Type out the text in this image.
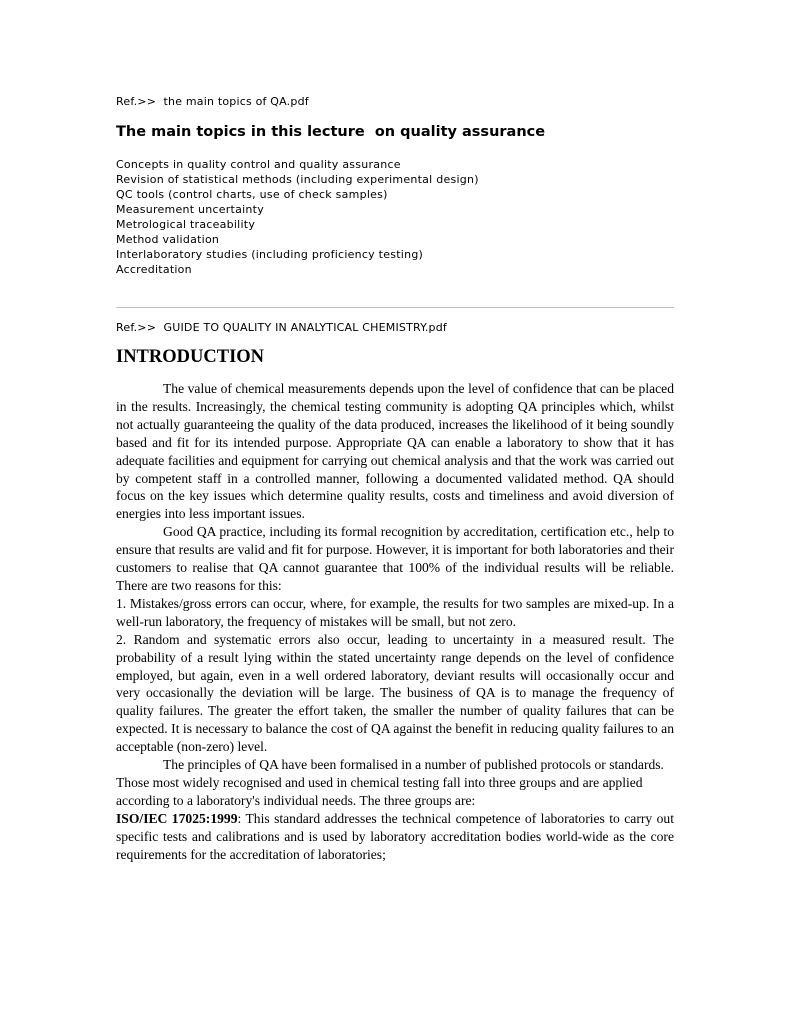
Ref.>>  the main topics of QA.pdf

The main topics in this lecture  on quality assurance
Concepts in quality control and quality assurance
Revision of statistical methods (including experimental design)
QC tools (control charts, use of check samples)
Measurement uncertainty
Metrological traceability
Method validation
Interlaboratory studies (including proficiency testing)
Accreditation

Ref.>>  GUIDE TO QUALITY IN ANALYTICAL CHEMISTRY.pdf

INTRODUCTION

The value of chemical measurements depends upon the level of confidence that can be placed in the results. Increasingly, the chemical testing community is adopting QA principles which, whilst not actually guaranteeing the quality of the data produced, increases the likelihood of it being soundly based and fit for its intended purpose. Appropriate QA can enable a laboratory to show that it has adequate facilities and equipment for carrying out chemical analysis and that the work was carried out by competent staff in a controlled manner, following a documented validated method. QA should focus on the key issues which determine quality results, costs and timeliness and avoid diversion of energies into less important issues.

Good QA practice, including its formal recognition by accreditation, certification etc., help to ensure that results are valid and fit for purpose. However, it is important for both laboratories and their customers to realise that QA cannot guarantee that 100% of the individual results will be reliable. There are two reasons for this:

1. Mistakes/gross errors can occur, where, for example, the results for two samples are mixed-up. In a well-run laboratory, the frequency of mistakes will be small, but not zero.

2. Random and systematic errors also occur, leading to uncertainty in a measured result. The probability of a result lying within the stated uncertainty range depends on the level of confidence employed, but again, even in a well ordered laboratory, deviant results will occasionally occur and very occasionally the deviation will be large. The business of QA is to manage the frequency of quality failures. The greater the effort taken, the smaller the number of quality failures that can be expected. It is necessary to balance the cost of QA against the benefit in reducing quality failures to an acceptable (non-zero) level.

The principles of QA have been formalised in a number of published protocols or standards. Those most widely recognised and used in chemical testing fall into three groups and are applied according to a laboratory's individual needs. The three groups are:

ISO/IEC 17025:1999: This standard addresses the technical competence of laboratories to carry out specific tests and calibrations and is used by laboratory accreditation bodies world-wide as the core requirements for the accreditation of laboratories;
